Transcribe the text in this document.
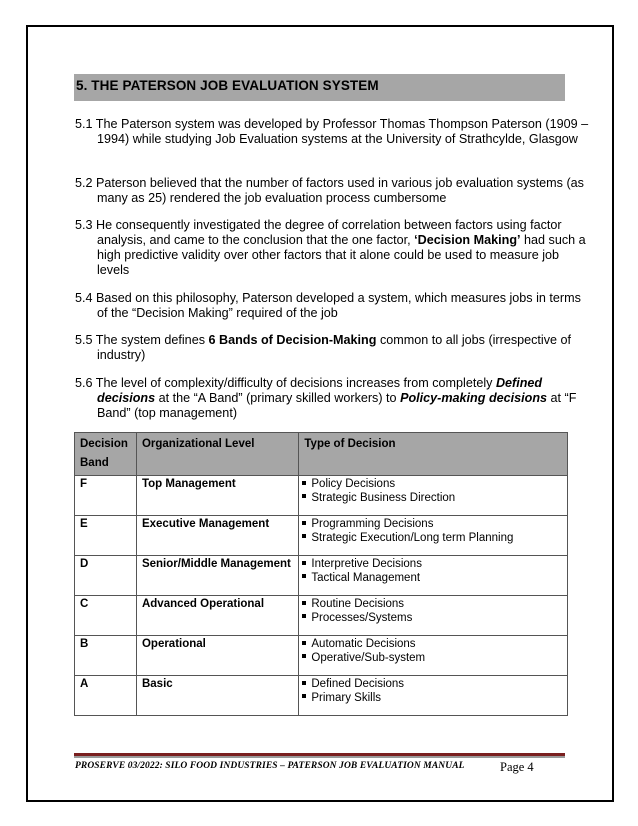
5. THE PATERSON JOB EVALUATION SYSTEM
5.1 The Paterson system was developed by Professor Thomas Thompson Paterson (1909 – 1994) while studying Job Evaluation systems at the University of Strathcylde, Glasgow
5.2 Paterson believed that the number of factors used in various job evaluation systems (as many as 25) rendered the job evaluation process cumbersome
5.3 He consequently investigated the degree of correlation between factors using factor analysis, and came to the conclusion that the one factor, ‘Decision Making’ had such a high predictive validity over other factors that it alone could be used to measure job levels
5.4 Based on this philosophy, Paterson developed a system, which measures jobs in terms of the “Decision Making” required of the job
5.5 The system defines 6 Bands of Decision-Making common to all jobs (irrespective of industry)
5.6 The level of complexity/difficulty of decisions increases from completely Defined decisions at the “A Band” (primary skilled workers) to Policy-making decisions at “F Band” (top management)
Decision
Band	Organizational Level	Type of Decision
F	Top Management	Policy Decisions
Strategic Business Direction

E	Executive Management	Programming Decisions
Strategic Execution/Long term Planning

D	Senior/Middle Management	Interpretive Decisions
Tactical Management

C	Advanced Operational	Routine Decisions
Processes/Systems

B	Operational	Automatic Decisions
Operative/Sub-system

A	Basic	Defined Decisions
Primary Skills
PROSERVE 03/2022: SILO FOOD INDUSTRIES – PATERSON JOB EVALUATION MANUAL	Page 4
